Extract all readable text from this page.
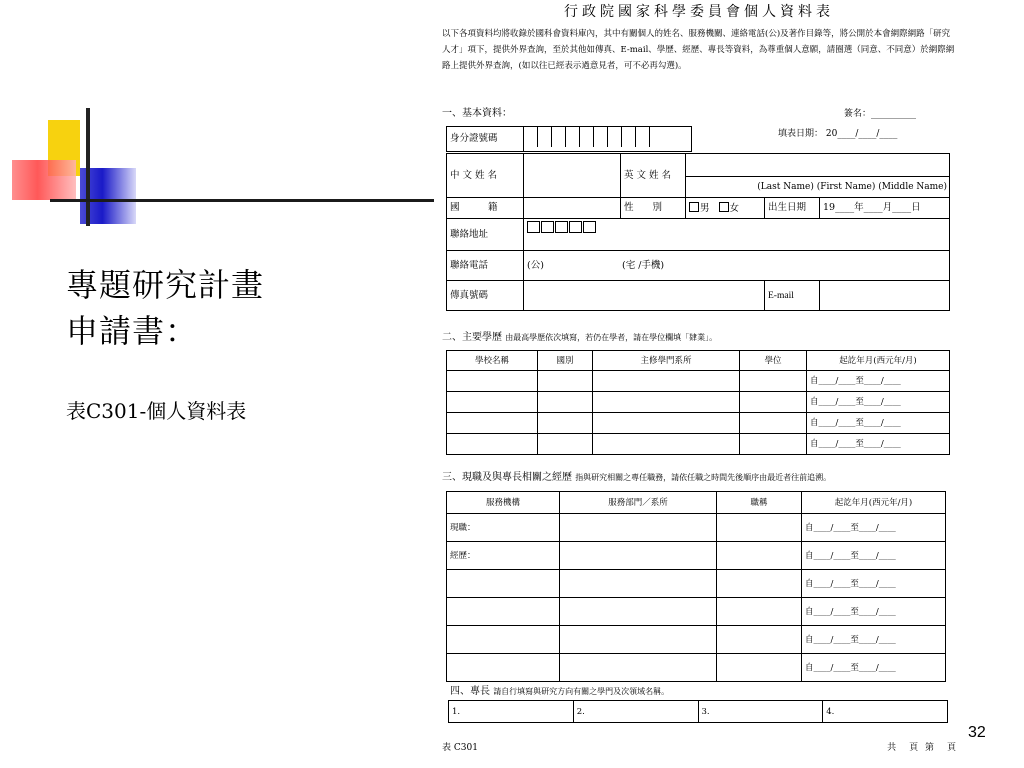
專題研究計畫
申請書：
表C301-個人資料表
32
行政院國家科學委員會個人資料表
以下各項資料均將收錄於國科會資料庫內，其中有關個人的姓名、服務機關、連絡電話(公)及著作目錄等，將公開於本會網際網路「研究人才」項下，提供外界查詢，至於其他如傳真、E-mail、學歷、經歷、專長等資料，為尊重個人意願，請圈選（同意、不同意）於網際網路上提供外界查詢，(如以往已經表示過意見者，可不必再勾選)。
一、基本資料：	簽名：__________
填表日期： 20____/____/____
身分證號碼	
中 文 姓 名		英 文 姓 名	(Last Name) (First Name) (Middle Name)		

國　　　籍		性　　別	男 女	出生日期	19____年____月____日
聯絡地址					
聯絡電話	(公) (宅 /手機)				
傳真號碼				E-mail	
二、主要學歷 由最高學歷依次填寫，若仍在學者，請在學位欄填「肄業」。
學校名稱	國別	主修學門系所	學位	起訖年月(西元年/月)
				自____/____至____/____
				自____/____至____/____
				自____/____至____/____
				自____/____至____/____
三、現職及與專長相關之經歷 指與研究相關之專任職務，請依任職之時間先後順序由最近者往前追溯。
服務機構	服務部門／系所	職稱	起訖年月(西元年/月)
現職：			自____/____至____/____
經歷：			自____/____至____/____
			自____/____至____/____
			自____/____至____/____
			自____/____至____/____
			自____/____至____/____
四、專長 請自行填寫與研究方向有關之學門及次領域名稱。
1.	2.	3.	4.
表 C301	共　頁 第　頁
